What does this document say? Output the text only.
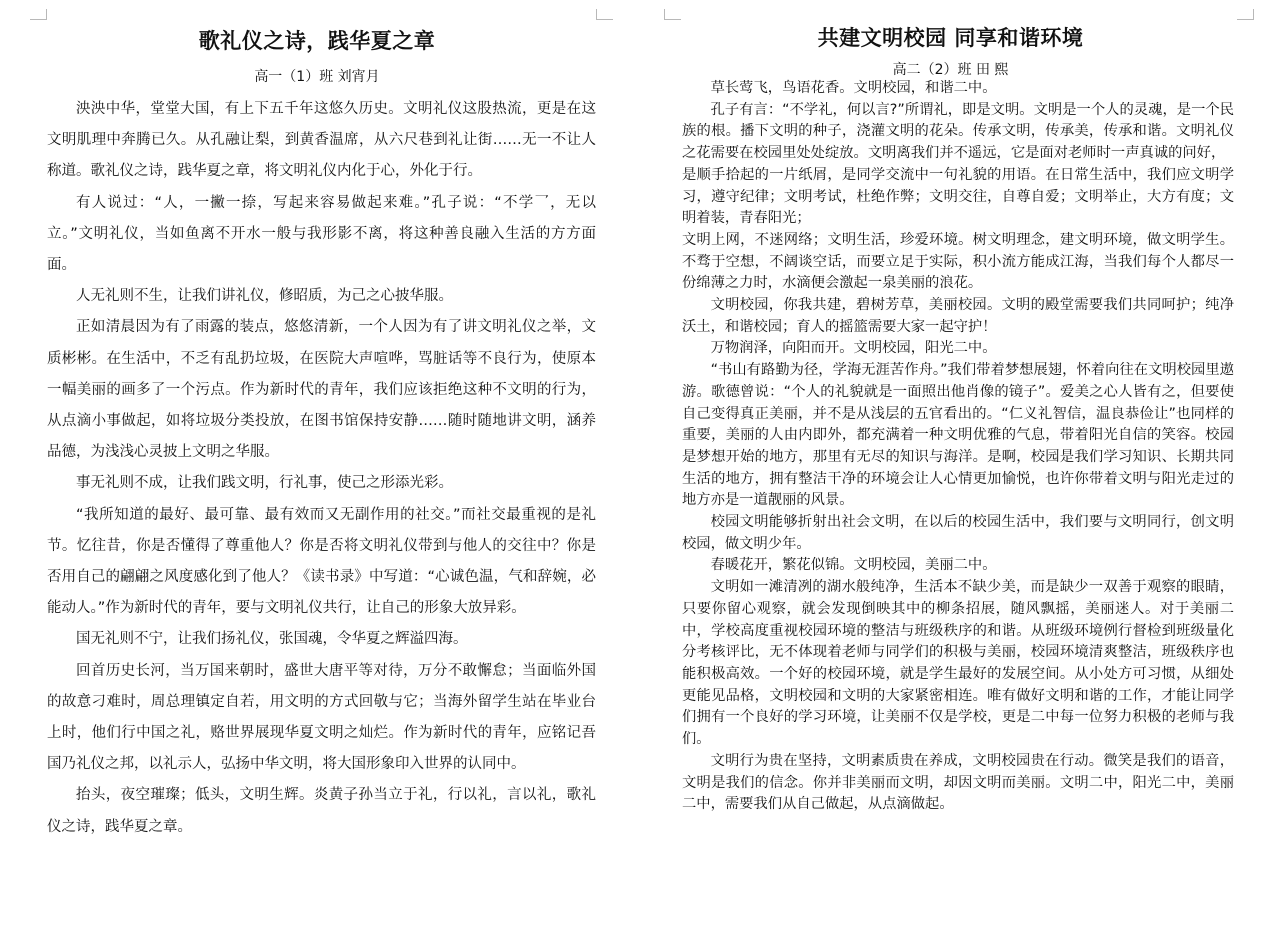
歌礼仪之诗，践华夏之章
高一（1）班 刘宵月

泱泱中华，堂堂大国，有上下五千年这悠久历史。文明礼仪这股热流，更是在这文明肌理中奔腾已久。从孔融让梨，到黄香温席，从六尺巷到礼让街……无一不让人称道。歌礼仪之诗，践华夏之章，将文明礼仪内化于心，外化于行。

有人说过：“人，一撇一捺，写起来容易做起来难。”孔子说：“不学乛，无以立。”文明礼仪，当如鱼离不开水一般与我形影不离，将这种善良融入生活的方方面面。

人无礼则不生，让我们讲礼仪，修昭质，为己之心披华服。

正如清晨因为有了雨露的装点，悠悠清新，一个人因为有了讲文明礼仪之举，文质彬彬。在生活中，不乏有乱扔垃圾，在医院大声喧哗，骂脏话等不良行为，使原本一幅美丽的画多了一个污点。作为新时代的青年，我们应该拒绝这种不文明的行为，从点滴小事做起，如将垃圾分类投放，在图书馆保持安静……随时随地讲文明，涵养品德，为浅浅心灵披上文明之华服。

事无礼则不成，让我们践文明，行礼事，使己之形添光彩。

“我所知道的最好、最可靠、最有效而又无副作用的社交。”而社交最重视的是礼节。忆往昔，你是否懂得了尊重他人？你是否将文明礼仪带到与他人的交往中？你是否用自己的翩翩之风度感化到了他人？《读书录》中写道：“心诚色温，气和辞婉，必能动人。”作为新时代的青年，要与文明礼仪共行，让自己的形象大放异彩。

国无礼则不宁，让我们扬礼仪，张国魂，令华夏之辉溢四海。

回首历史长河，当万国来朝时，盛世大唐平等对待，万分不敢懈怠；当面临外国的故意刁难时，周总理镇定自若，用文明的方式回敬与它；当海外留学生站在毕业台上时，他们行中国之礼，赂世界展现华夏文明之灿烂。作为新时代的青年，应铭记吾国乃礼仪之邦，以礼示人，弘扬中华文明，将大国形象印入世界的认同中。

抬头，夜空璀璨；低头，文明生辉。炎黄子孙当立于礼，行以礼，言以礼，歌礼仪之诗，践华夏之章。

共建文明校园 同享和谐环境
高二（2）班 田 熙

草长莺飞，鸟语花香。文明校园，和谐二中。

孔子有言：“不学礼，何以言?”所谓礼，即是文明。文明是一个人的灵魂，是一个民族的根。播下文明的种子，浇灌文明的花朵。传承文明，传承美，传承和谐。文明礼仪之花需要在校园里处处绽放。文明离我们并不遥远，它是面对老师时一声真诚的问好，

是顺手拾起的一片纸屑，是同学交流中一句礼貌的用语。在日常生活中，我们应文明学习，遵守纪律；文明考试，杜绝作弊；文明交往，自尊自爱；文明举止，大方有度；文明着装，青春阳光；

文明上网，不迷网络；文明生活，珍爱环境。树文明理念，建文明环境，做文明学生。不骛于空想，不阔谈空话，而要立足于实际，积小流方能成江海，当我们每个人都尽一份绵薄之力时，水滴便会激起一泉美丽的浪花。

文明校园，你我共建，碧树芳草，美丽校园。文明的殿堂需要我们共同呵护；纯净沃土，和谐校园；育人的摇篮需要大家一起守护！

万物润泽，向阳而开。文明校园，阳光二中。

“书山有路勤为径，学海无涯苦作舟。”我们带着梦想展翅，怀着向往在文明校园里遨游。歌德曾说：“个人的礼貌就是一面照出他肖像的镜子”。爱美之心人皆有之，但要使自己变得真正美丽，并不是从浅层的五官看出的。“仁义礼智信，温良恭俭让”也同样的重要，美丽的人由内即外，都充满着一种文明优雅的气息，带着阳光自信的笑容。校园是梦想开始的地方，那里有无尽的知识与海洋。是啊，校园是我们学习知识、长期共同生活的地方，拥有整洁干净的环境会让人心情更加愉悦，也许你带着文明与阳光走过的地方亦是一道靓丽的风景。

校园文明能够折射出社会文明，在以后的校园生活中，我们要与文明同行，创文明校园，做文明少年。

春暖花开，繁花似锦。文明校园，美丽二中。

文明如一滩清冽的湖水般纯净，生活本不缺少美，而是缺少一双善于观察的眼睛，只要你留心观察，就会发现倒映其中的柳条招展，随风飘摇，美丽迷人。对于美丽二中，学校高度重视校园环境的整洁与班级秩序的和谐。从班级环境例行督检到班级量化分考核评比，无不体现着老师与同学们的积极与美丽，校园环境清爽整洁，班级秩序也能积极高效。一个好的校园环境，就是学生最好的发展空间。从小处方可习惯，从细处更能见品格，文明校园和文明的大家紧密相连。唯有做好文明和谐的工作，才能让同学们拥有一个良好的学习环境，让美丽不仅是学校，更是二中每一位努力积极的老师与我们。

文明行为贵在坚持，文明素质贵在养成，文明校园贵在行动。微笑是我们的语音，文明是我们的信念。你并非美丽而文明，却因文明而美丽。文明二中，阳光二中，美丽二中，需要我们从自己做起，从点滴做起。
